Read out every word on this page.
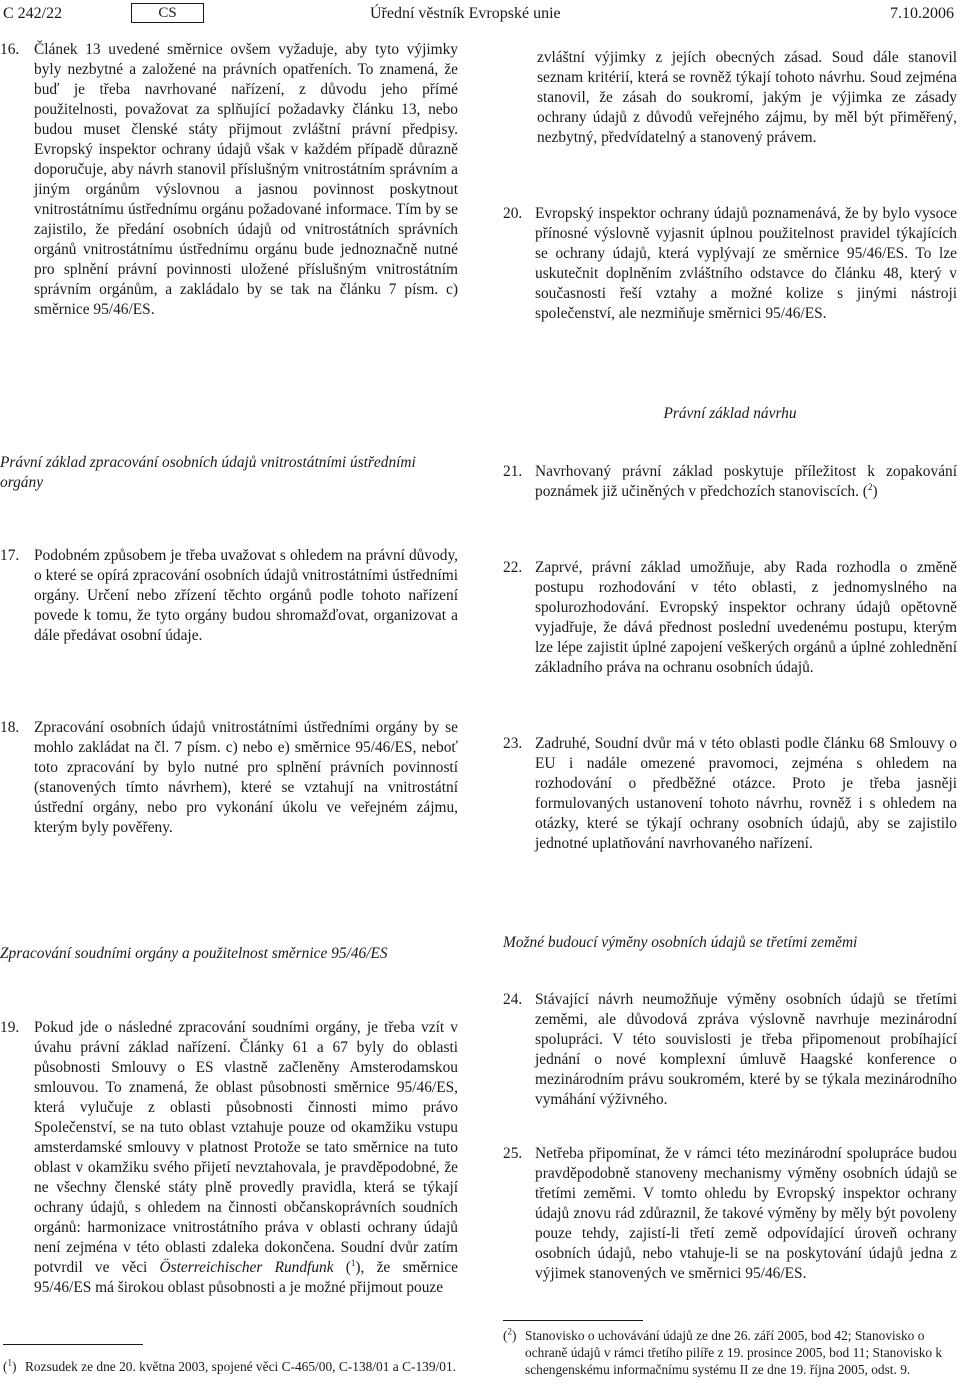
C 242/22	CS	Úřední věstník Evropské unie	7.10.2006
16. Článek 13 uvedené směrnice ovšem vyžaduje, aby tyto výjimky byly nezbytné a založené na právních opatřeních. To znamená, že buď je třeba navrhované nařízení, z důvodu jeho přímé použitelnosti, považovat za splňující požadavky článku 13, nebo budou muset členské státy přijmout zvláštní právní předpisy. Evropský inspektor ochrany údajů však v každém případě důrazně doporučuje, aby návrh stanovil příslušným vnitrostátním správním a jiným orgánům výslovnou a jasnou povinnost poskytnout vnitrostátnímu ústřednímu orgánu požadované informace. Tím by se zajistilo, že předání osobních údajů od vnitrostátních správních orgánů vnitrostátnímu ústřednímu orgánu bude jednoznačně nutné pro splnění právní povinnosti uložené příslušným vnitrostátním správním orgánům, a zakládalo by se tak na článku 7 písm. c) směrnice 95/46/ES.
Právní základ zpracování osobních údajů vnitrostátními ústředními orgány
17. Podobném způsobem je třeba uvažovat s ohledem na právní důvody, o které se opírá zpracování osobních údajů vnitrostátními ústředními orgány. Určení nebo zřízení těchto orgánů podle tohoto nařízení povede k tomu, že tyto orgány budou shromažďovat, organizovat a dále předávat osobní údaje.
18. Zpracování osobních údajů vnitrostátními ústředními orgány by se mohlo zakládat na čl. 7 písm. c) nebo e) směrnice 95/46/ES, neboť toto zpracování by bylo nutné pro splnění právních povinností (stanovených tímto návrhem), které se vztahují na vnitrostátní ústřední orgány, nebo pro vykonání úkolu ve veřejném zájmu, kterým byly pověřeny.
Zpracování soudními orgány a použitelnost směrnice 95/46/ES
19. Pokud jde o následné zpracování soudními orgány, je třeba vzít v úvahu právní základ nařízení. Články 61 a 67 byly do oblasti působnosti Smlouvy o ES vlastně začleněny Amsterodamskou smlouvou. To znamená, že oblast působnosti směrnice 95/46/ES, která vylučuje z oblasti působnosti činnosti mimo právo Společenství, se na tuto oblast vztahuje pouze od okamžiku vstupu amsterdamské smlouvy v platnost Protože se tato směrnice na tuto oblast v okamžiku svého přijetí nevztahovala, je pravděpodobné, že ne všechny členské státy plně provedly pravidla, která se týkají ochrany údajů, s ohledem na činnosti občanskoprávních soudních orgánů: harmonizace vnitrostátního práva v oblasti ochrany údajů není zejména v této oblasti zdaleka dokončena. Soudní dvůr zatím potvrdil ve věci Österreichischer Rundfunk ($^1$), že směrnice 95/46/ES má širokou oblast působnosti a je možné přijmout pouze
($^1$) Rozsudek ze dne 20. května 2003, spojené věci C-465/00, C-138/01 a C-139/01.
zvláštní výjimky z jejích obecných zásad. Soud dále stanovil seznam kritérií, která se rovněž týkají tohoto návrhu. Soud zejména stanovil, že zásah do soukromí, jakým je výjimka ze zásady ochrany údajů z důvodů veřejného zájmu, by měl být přiměřený, nezbytný, předvídatelný a stanovený právem.
20. Evropský inspektor ochrany údajů poznamenává, že by bylo vysoce přínosné výslovně vyjasnit úplnou použitelnost pravidel týkajících se ochrany údajů, která vyplývají ze směrnice 95/46/ES. To lze uskutečnit doplněním zvláštního odstavce do článku 48, který v současnosti řeší vztahy a možné kolize s jinými nástroji společenství, ale nezmiňuje směrnici 95/46/ES.
Právní základ návrhu
21. Navrhovaný právní základ poskytuje příležitost k zopakování poznámek již učiněných v předchozích stanoviscích. ($^2$)
22. Zaprvé, právní základ umožňuje, aby Rada rozhodla o změně postupu rozhodování v této oblasti, z jednomyslného na spolurozhodování. Evropský inspektor ochrany údajů opětovně vyjadřuje, že dává přednost poslední uvedenému postupu, kterým lze lépe zajistit úplné zapojení veškerých orgánů a úplné zohlednění základního práva na ochranu osobních údajů.
23. Zadruhé, Soudní dvůr má v této oblasti podle článku 68 Smlouvy o EU i nadále omezené pravomoci, zejména s ohledem na rozhodování o předběžné otázce. Proto je třeba jasněji formulovaných ustanovení tohoto návrhu, rovněž i s ohledem na otázky, které se týkají ochrany osobních údajů, aby se zajistilo jednotné uplatňování navrhovaného nařízení.
Možné budoucí výměny osobních údajů se třetími zeměmi
24. Stávající návrh neumožňuje výměny osobních údajů se třetími zeměmi, ale důvodová zpráva výslovně navrhuje mezinárodní spolupráci. V této souvislosti je třeba připomenout probíhající jednání o nové komplexní úmluvě Haagské konference o mezinárodním právu soukromém, které by se týkala mezinárodního vymáhání výživného.
25. Netřeba připomínat, že v rámci této mezinárodní spolupráce budou pravděpodobně stanoveny mechanismy výměny osobních údajů se třetími zeměmi. V tomto ohledu by Evropský inspektor ochrany údajů znovu rád zdůraznil, že takové výměny by měly být povoleny pouze tehdy, zajistí-li třetí země odpovídající úroveň ochrany osobních údajů, nebo vtahuje-li se na poskytování údajů jedna z výjimek stanovených ve směrnici 95/46/ES.
($^2$) Stanovisko o uchovávání údajů ze dne 26. září 2005, bod 42; Stanovisko o ochraně údajů v rámci třetího pilíře z 19. prosince 2005, bod 11; Stanovisko k schengenskému informačnímu systému II ze dne 19. října 2005, odst. 9.
